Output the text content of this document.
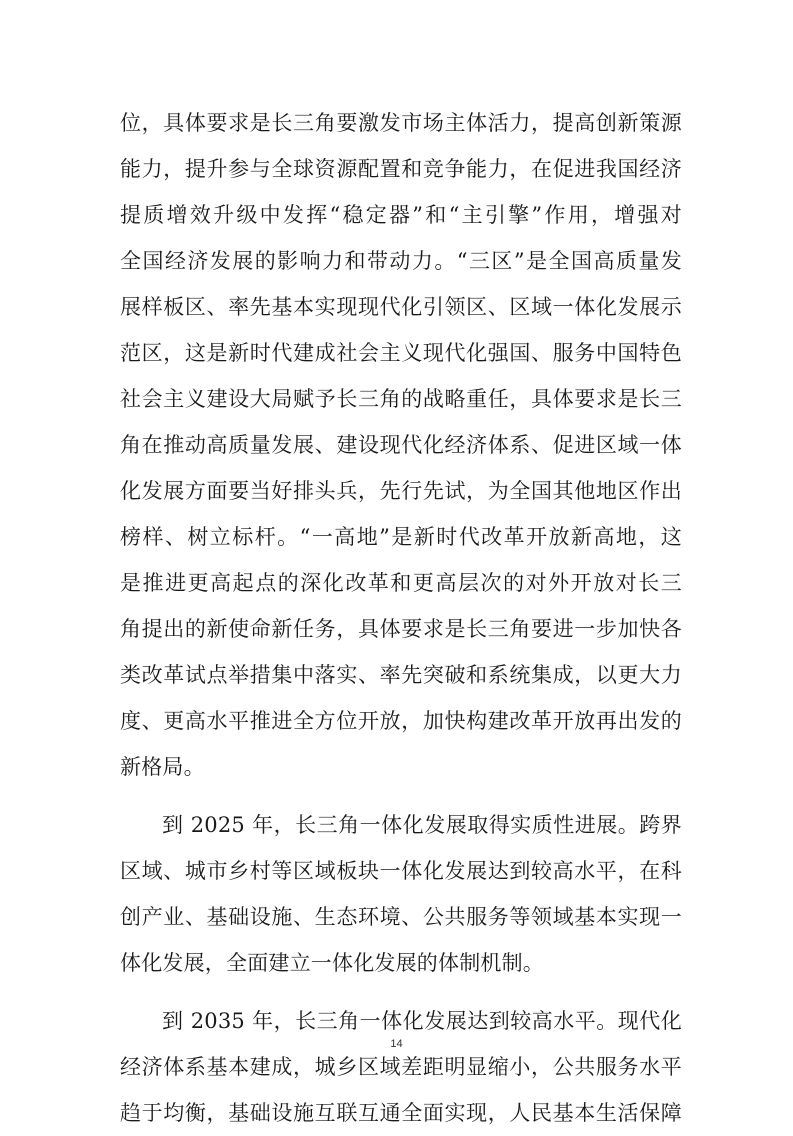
位，具体要求是长三角要激发市场主体活力，提高创新策源
能力，提升参与全球资源配置和竞争能力，在促进我国经济
提质增效升级中发挥“稳定器”和“主引擎”作用，增强对
全国经济发展的影响力和带动力。“三区”是全国高质量发
展样板区、率先基本实现现代化引领区、区域一体化发展示
范区，这是新时代建成社会主义现代化强国、服务中国特色
社会主义建设大局赋予长三角的战略重任，具体要求是长三
角在推动高质量发展、建设现代化经济体系、促进区域一体
化发展方面要当好排头兵，先行先试，为全国其他地区作出
榜样、树立标杆。“一高地”是新时代改革开放新高地，这
是推进更高起点的深化改革和更高层次的对外开放对长三
角提出的新使命新任务，具体要求是长三角要进一步加快各
类改革试点举措集中落实、率先突破和系统集成，以更大力
度、更高水平推进全方位开放，加快构建改革开放再出发的
新格局。
到 2025 年，长三角一体化发展取得实质性进展。跨界
区域、城市乡村等区域板块一体化发展达到较高水平，在科
创产业、基础设施、生态环境、公共服务等领域基本实现一
体化发展，全面建立一体化发展的体制机制。
到 2035 年，长三角一体化发展达到较高水平。现代化
经济体系基本建成，城乡区域差距明显缩小，公共服务水平
趋于均衡，基础设施互联互通全面实现，人民基本生活保障
14
